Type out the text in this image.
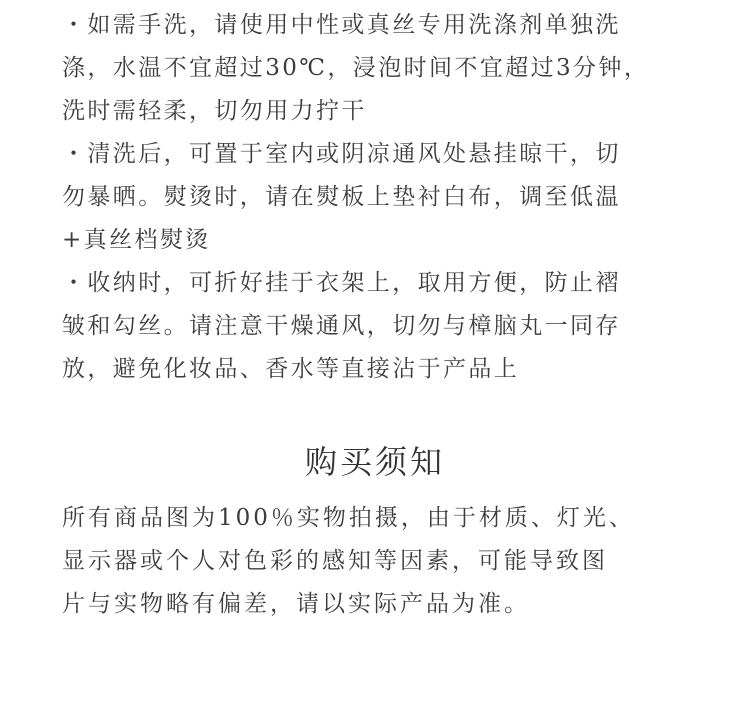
・如需手洗，请使用中性或真丝专用洗涤剂单独洗
涤，水温不宜超过30℃，浸泡时间不宜超过3分钟，
洗时需轻柔，切勿用力拧干
・清洗后，可置于室内或阴凉通风处悬挂晾干，切
勿暴晒。熨烫时，请在熨板上垫衬白布，调至低温
+真丝档熨烫
・收纳时，可折好挂于衣架上，取用方便，防止褶
皱和勾丝。请注意干燥通风，切勿与樟脑丸一同存
放，避免化妆品、香水等直接沾于产品上
购买须知
所有商品图为100％实物拍摄，由于材质、灯光、
显示器或个人对色彩的感知等因素，可能导致图
片与实物略有偏差，请以实际产品为准。
